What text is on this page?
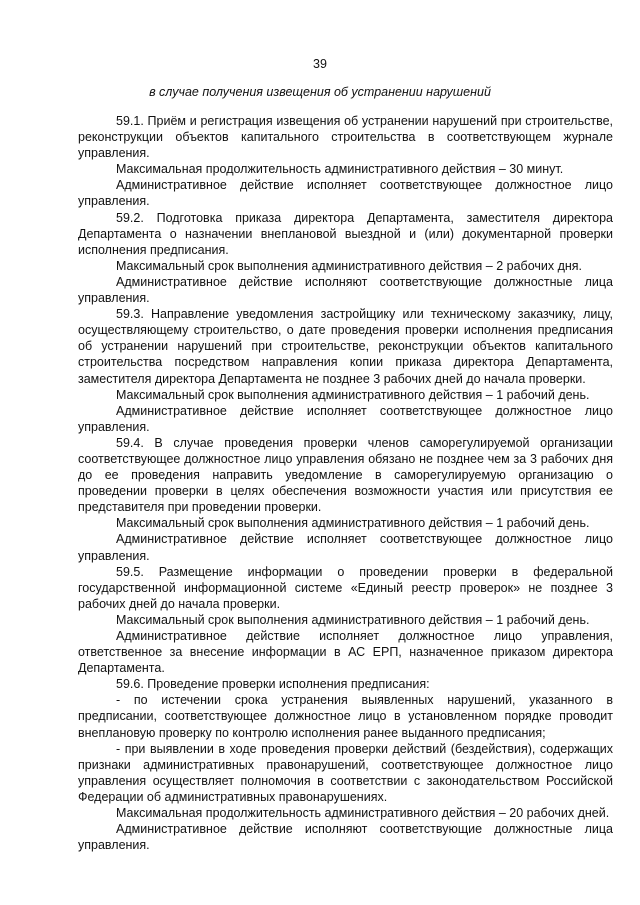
39
в случае получения извещения об устранении нарушений

59.1. Приём и регистрация извещения об устранении нарушений при строительстве, реконструкции объектов капитального строительства в соответствующем журнале управления.

Максимальная продолжительность административного действия – 30 минут.

Административное действие исполняет соответствующее должностное лицо управления.

59.2. Подготовка приказа директора Департамента, заместителя директора Департамента о назначении внеплановой выездной и (или) документарной проверки исполнения предписания.

Максимальный срок выполнения административного действия – 2 рабочих дня.

Административное действие исполняют соответствующие должностные лица управления.

59.3. Направление уведомления застройщику или техническому заказчику, лицу, осуществляющему строительство, о дате проведения проверки исполнения предписания об устранении нарушений при строительстве, реконструкции объектов капитального строительства посредством направления копии приказа директора Департамента, заместителя директора Департамента не позднее 3 рабочих дней до начала проверки.

Максимальный срок выполнения административного действия – 1 рабочий день.

Административное действие исполняет соответствующее должностное лицо управления.

59.4. В случае проведения проверки членов саморегулируемой организации соответствующее должностное лицо управления обязано не позднее чем за 3 рабочих дня до ее проведения направить уведомление в саморегулируемую организацию о проведении проверки в целях обеспечения возможности участия или присутствия ее представителя при проведении проверки.

Максимальный срок выполнения административного действия – 1 рабочий день.

Административное действие исполняет соответствующее должностное лицо управления.

59.5. Размещение информации о проведении проверки в федеральной государственной информационной системе «Единый реестр проверок» не позднее 3 рабочих дней до начала проверки.

Максимальный срок выполнения административного действия – 1 рабочий день.

Административное действие исполняет должностное лицо управления, ответственное за внесение информации в АС ЕРП, назначенное приказом директора Департамента.

59.6. Проведение проверки исполнения предписания:

- по истечении срока устранения выявленных нарушений, указанного в предписании, соответствующее должностное лицо в установленном порядке проводит внеплановую проверку по контролю исполнения ранее выданного предписания;

- при выявлении в ходе проведения проверки действий (бездействия), содержащих признаки административных правонарушений, соответствующее должностное лицо управления осуществляет полномочия в соответствии с законодательством Российской Федерации об административных правонарушениях.

Максимальная продолжительность административного действия – 20 рабочих дней.

Административное действие исполняют соответствующие должностные лица управления.
